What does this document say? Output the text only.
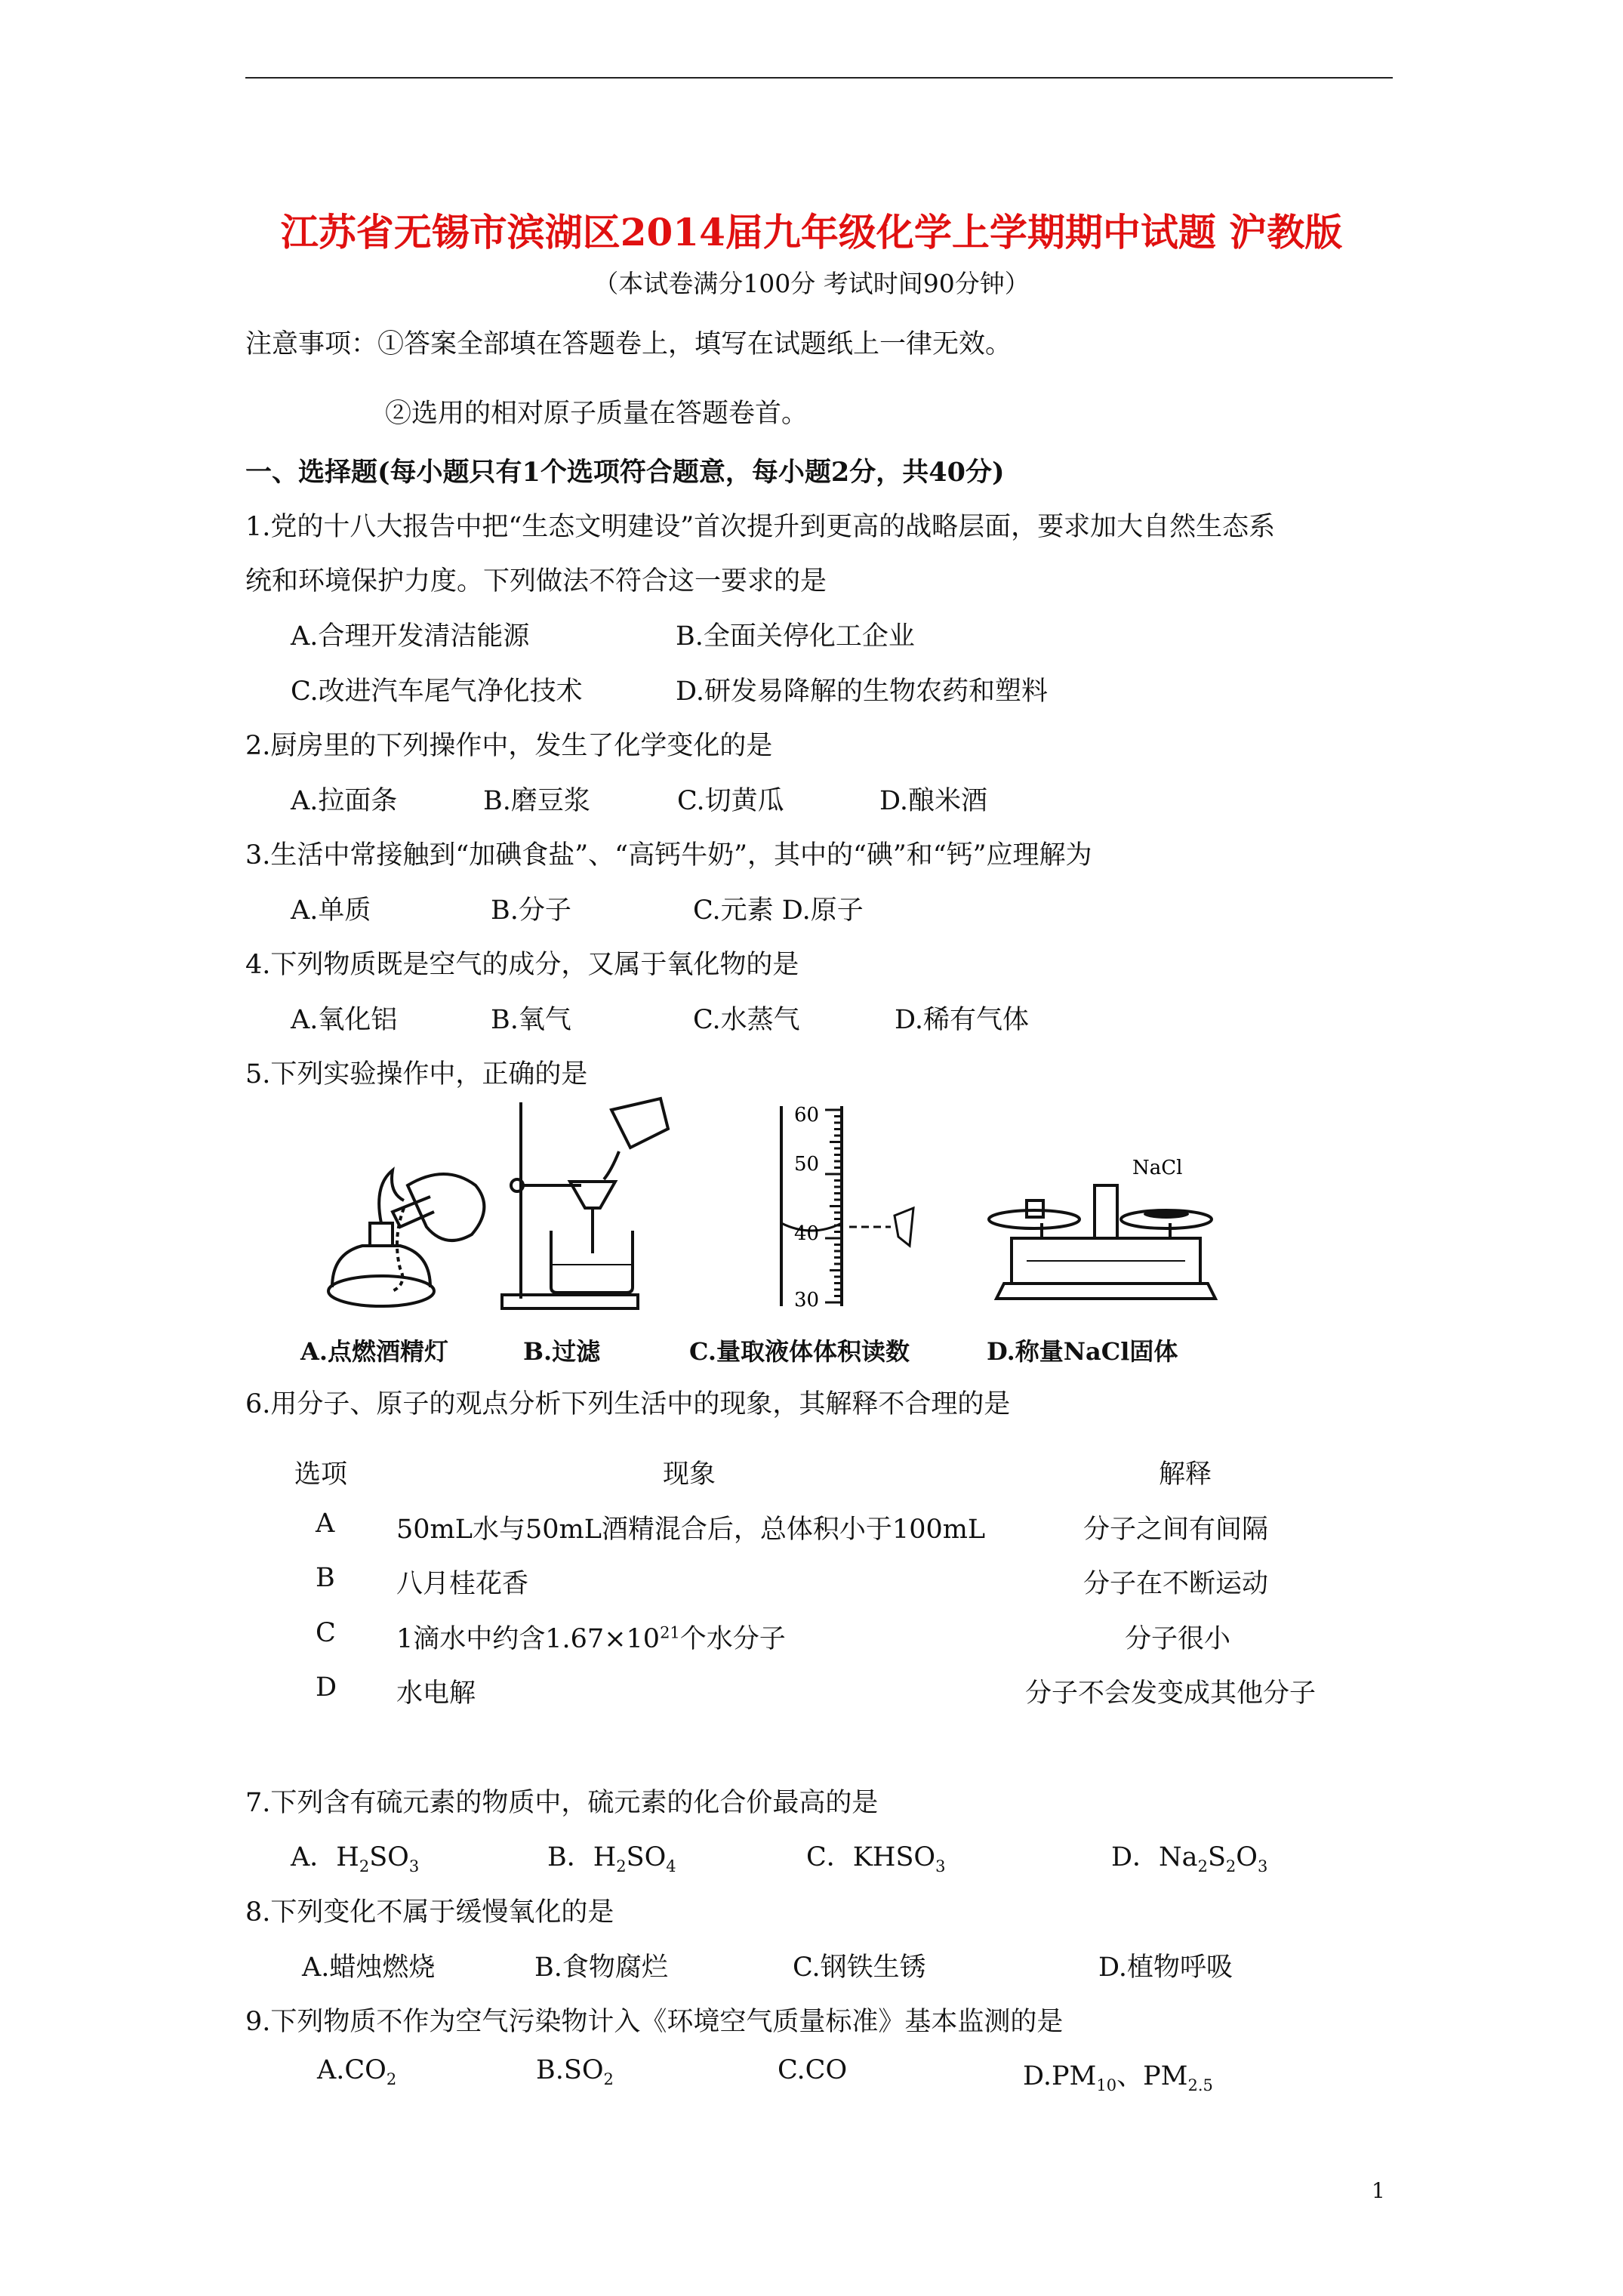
江苏省无锡市滨湖区2014届九年级化学上学期期中试题 沪教版
（本试卷满分100分 考试时间90分钟）
注意事项：①答案全部填在答题卷上，填写在试题纸上一律无效。
②选用的相对原子质量在答题卷首。
一、选择题(每小题只有1个选项符合题意，每小题2分，共40分)
1.党的十八大报告中把“生态文明建设”首次提升到更高的战略层面，要求加大自然生态系
统和环境保护力度。下列做法不符合这一要求的是
A.合理开发清洁能源	B.全面关停化工企业
C.改进汽车尾气净化技术	D.研发易降解的生物农药和塑料
2.厨房里的下列操作中，发生了化学变化的是
A.拉面条	B.磨豆浆	C.切黄瓜	D.酿米酒
3.生活中常接触到“加碘食盐”、“高钙牛奶”，其中的“碘”和“钙”应理解为
A.单质	B.分子	C.元素 D.原子
4.下列物质既是空气的成分，又属于氧化物的是
A.氧化铝	B.氧气	C.水蒸气	D.稀有气体
5.下列实验操作中，正确的是
60
50
40
30
NaCl
A.点燃酒精灯	B.过滤	C.量取液体体积读数	D.称量NaCl固体
6.用分子、原子的观点分析下列生活中的现象，其解释不合理的是
选项	现象	解释
A 50mL水与50mL酒精混合后，总体积小于100mL	分子之间有间隔
B 八月桂花香	分子在不断运动
C 1滴水中约含$1.67\times 10^{21}$个水分子	分子很小
D 水电解	分子不会发变成其他分子
7.下列含有硫元素的物质中，硫元素的化合价最高的是
A．$H_2SO_3$	B．$H_2SO_4$	C．$KHSO_3$	D．$Na_2S_2O_3$
8.下列变化不属于缓慢氧化的是
A.蜡烛燃烧	B.食物腐烂	C.钢铁生锈	D.植物呼吸
9.下列物质不作为空气污染物计入《环境空气质量标准》基本监测的是
$A.CO_2$	$B.SO_2$	C.CO	$D.PM_{10}$、$PM_{2.5}$
1
